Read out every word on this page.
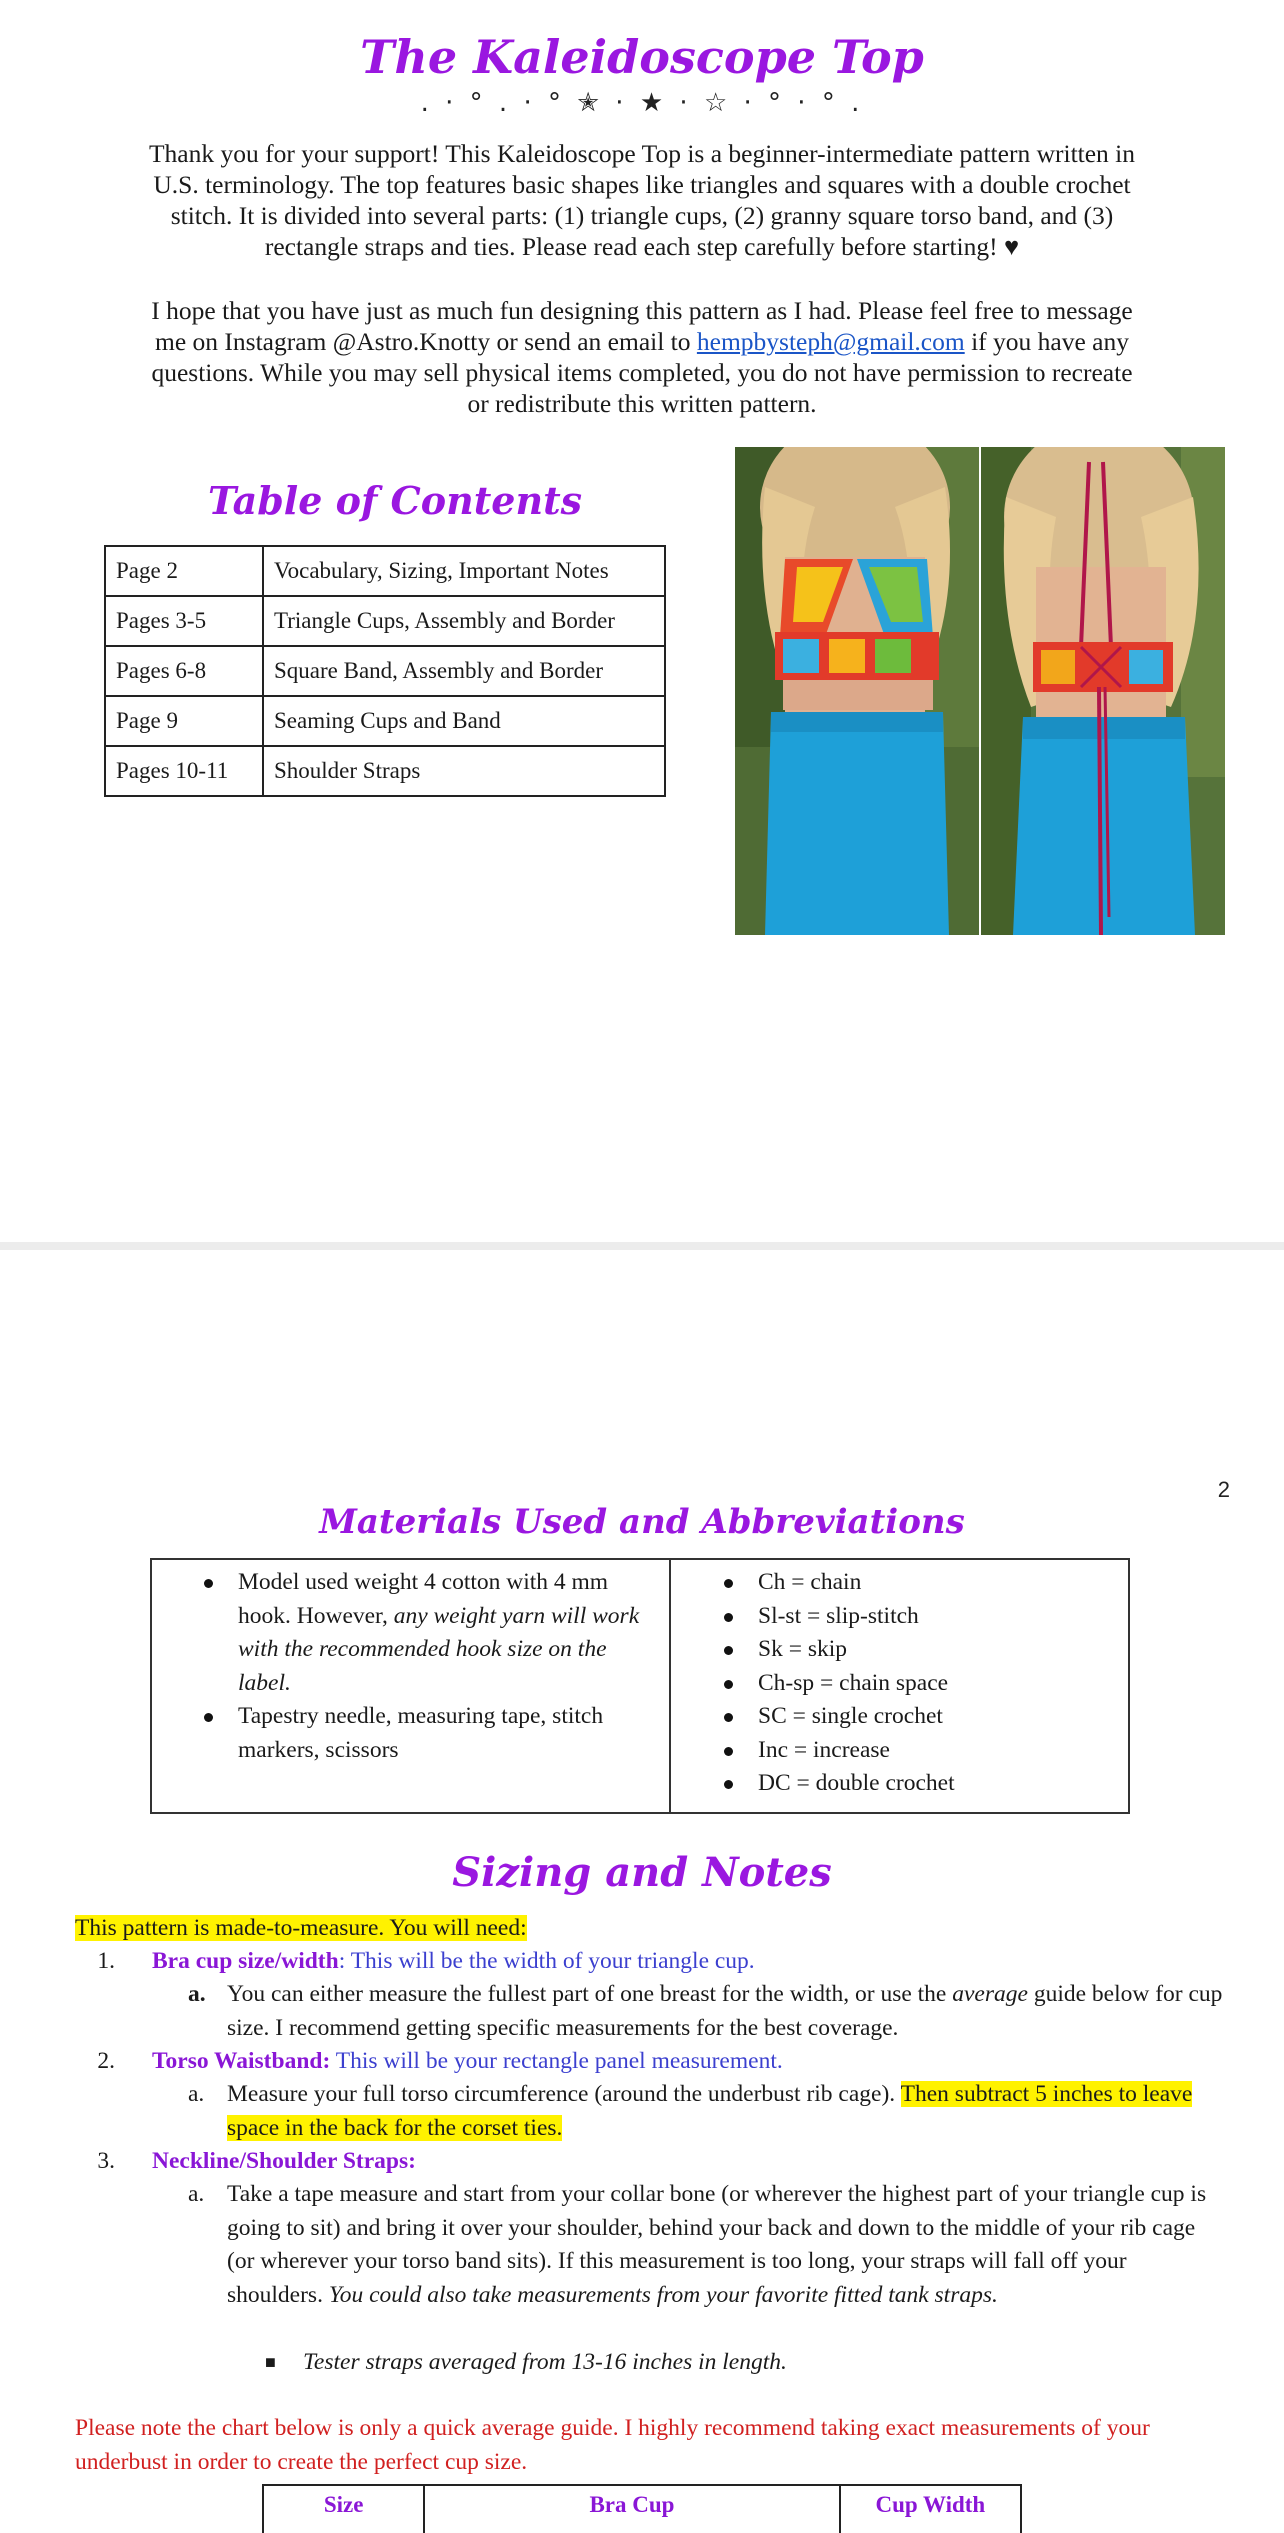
The Kaleidoscope Top
. · ° . · ° ✭ · ★ · ☆ · ° · ° .

Thank you for your support! This Kaleidoscope Top is a beginner-intermediate pattern written in U.S. terminology. The top features basic shapes like triangles and squares with a double crochet stitch. It is divided into several parts: (1) triangle cups, (2) granny square torso band, and (3) rectangle straps and ties. Please read each step carefully before starting! ♥

I hope that you have just as much fun designing this pattern as I had. Please feel free to message me on Instagram @Astro.Knotty or send an email to hempbysteph@gmail.com if you have any questions. While you may sell physical items completed, you do not have permission to recreate or redistribute this written pattern.

Table of Contents
Page 2	Vocabulary, Sizing, Important Notes
Pages 3-5	Triangle Cups, Assembly and Border
Pages 6-8	Square Band, Assembly and Border
Page 9	Seaming Cups and Band
Pages 10-11	Shoulder Straps
2
Materials Used and Abbreviations
Model used weight 4 cotton with 4 mm hook. However, any weight yarn will work with the recommended hook size on the label.
Tapestry needle, measuring tape, stitch markers, scissors
Ch = chain
Sl-st = slip-stitch
Sk = skip
Ch-sp = chain space
SC = single crochet
Inc = increase
DC = double crochet
Sizing and Notes
This pattern is made-to-measure. You will need:
1. Bra cup size/width: This will be the width of your triangle cup.
a. You can either measure the fullest part of one breast for the width, or use the average guide below for cup size. I recommend getting specific measurements for the best coverage.
2. Torso Waistband: This will be your rectangle panel measurement.
a. Measure your full torso circumference (around the underbust rib cage). Then subtract 5 inches to leave space in the back for the corset ties.
3. Neckline/Shoulder Straps:
a. Take a tape measure and start from your collar bone (or wherever the highest part of your triangle cup is going to sit) and bring it over your shoulder, behind your back and down to the middle of your rib cage (or wherever your torso band sits). If this measurement is too long, your straps will fall off your shoulders. You could also take measurements from your favorite fitted tank straps.
■ Tester straps averaged from 13-16 inches in length.
Please note the chart below is only a quick average guide. I highly recommend taking exact measurements of your underbust in order to create the perfect cup size.
Size	Bra Cup	Cup Width
